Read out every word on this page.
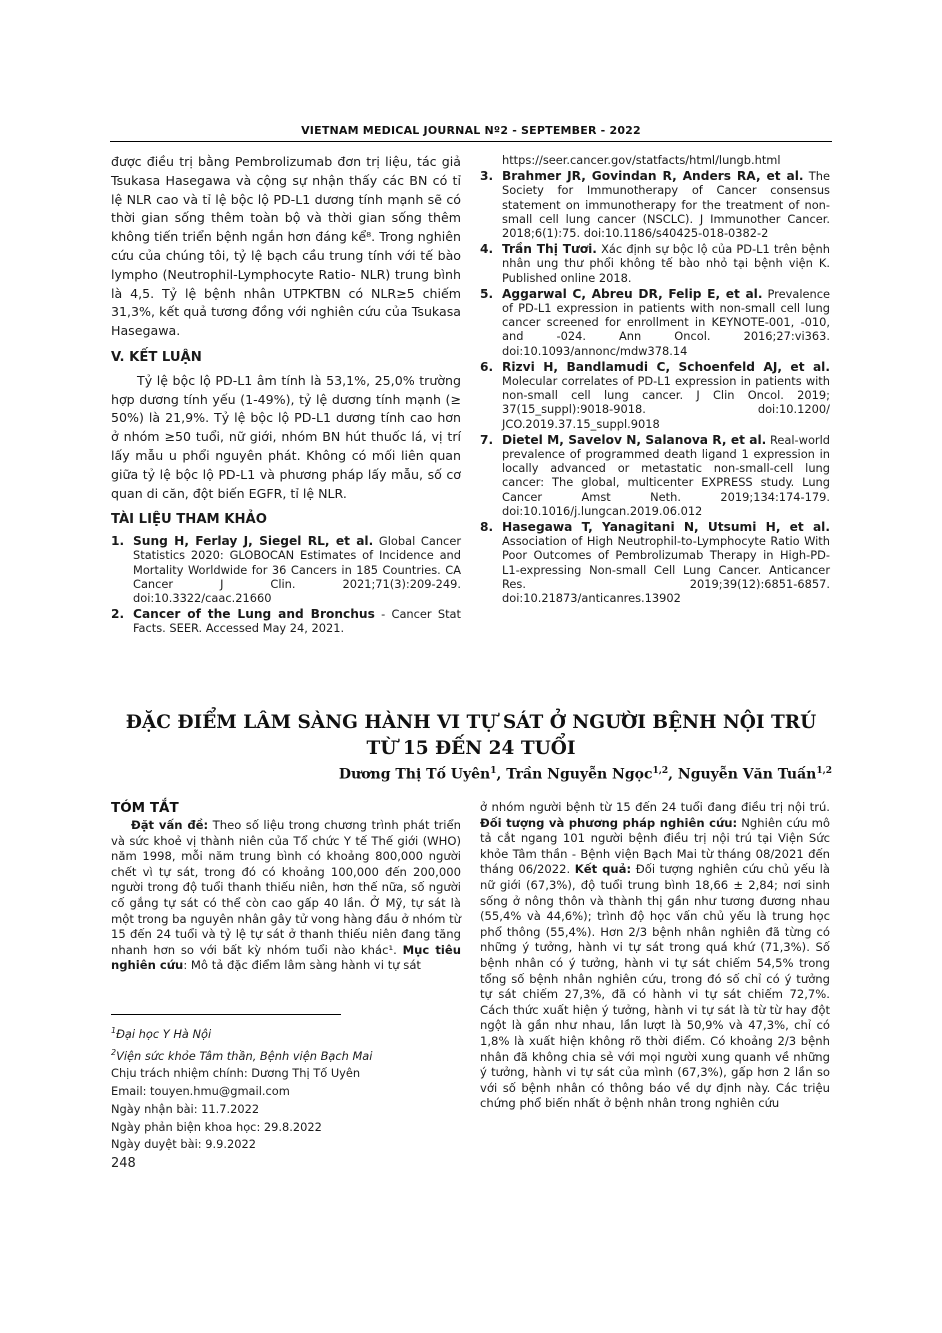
VIETNAM MEDICAL JOURNAL Nº2 - SEPTEMBER - 2022

được điều trị bằng Pembrolizumab đơn trị liệu, tác giả Tsukasa Hasegawa và cộng sự nhận thấy các BN có tỉ lệ NLR cao và tỉ lệ bộc lộ PD-L1 dương tính mạnh sẽ có thời gian sống thêm toàn bộ và thời gian sống thêm không tiến triển bệnh ngắn hơn đáng kể⁸. Trong nghiên cứu của chúng tôi, tỷ lệ bạch cầu trung tính với tế bào lympho (Neutrophil-Lymphocyte Ratio- NLR) trung bình là 4,5. Tỷ lệ bệnh nhân UTPKTBN có NLR≥5 chiếm 31,3%, kết quả tương đồng với nghiên cứu của Tsukasa Hasegawa.

V. KẾT LUẬN

Tỷ lệ bộc lộ PD-L1 âm tính là 53,1%, 25,0% trường hợp dương tính yếu (1-49%), tỷ lệ dương tính mạnh (≥ 50%) là 21,9%. Tỷ lệ bộc lộ PD-L1 dương tính cao hơn ở nhóm ≥50 tuổi, nữ giới, nhóm BN hút thuốc lá, vị trí lấy mẫu u phổi nguyên phát. Không có mối liên quan giữa tỷ lệ bộc lộ PD-L1 và phương pháp lấy mẫu, số cơ quan di căn, đột biến EGFR, tỉ lệ NLR.

TÀI LIỆU THAM KHẢO
1. Sung H, Ferlay J, Siegel RL, et al. Global Cancer Statistics 2020: GLOBOCAN Estimates of Incidence and Mortality Worldwide for 36 Cancers in 185 Countries. CA Cancer J Clin. 2021;71(3):209-249. doi:10.3322/caac.21660
2. Cancer of the Lung and Bronchus - Cancer Stat Facts. SEER. Accessed May 24, 2021.
https://seer.cancer.gov/statfacts/html/lungb.html
3. Brahmer JR, Govindan R, Anders RA, et al. The Society for Immunotherapy of Cancer consensus statement on immunotherapy for the treatment of non-small cell lung cancer (NSCLC). J Immunother Cancer. 2018;6(1):75. doi:10.1186/s40425-018-0382-2
4. Trần Thị Tươi. Xác định sự bộc lộ của PD-L1 trên bệnh nhân ung thư phổi không tế bào nhỏ tại bệnh viện K. Published online 2018.
5. Aggarwal C, Abreu DR, Felip E, et al. Prevalence of PD-L1 expression in patients with non-small cell lung cancer screened for enrollment in KEYNOTE-001, -010, and -024. Ann Oncol. 2016;27:vi363. doi:10.1093/annonc/mdw378.14
6. Rizvi H, Bandlamudi C, Schoenfeld AJ, et al. Molecular correlates of PD-L1 expression in patients with non-small cell lung cancer. J Clin Oncol. 2019; 37(15_suppl):9018-9018. doi:10.1200/ JCO.2019.37.15_suppl.9018
7. Dietel M, Savelov N, Salanova R, et al. Real-world prevalence of programmed death ligand 1 expression in locally advanced or metastatic non-small-cell lung cancer: The global, multicenter EXPRESS study. Lung Cancer Amst Neth. 2019;134:174-179. doi:10.1016/j.lungcan.2019.06.012
8. Hasegawa T, Yanagitani N, Utsumi H, et al. Association of High Neutrophil-to-Lymphocyte Ratio With Poor Outcomes of Pembrolizumab Therapy in High-PD-L1-expressing Non-small Cell Lung Cancer. Anticancer Res. 2019;39(12):6851-6857. doi:10.21873/anticanres.13902
ĐẶC ĐIỂM LÂM SÀNG HÀNH VI TỰ SÁT Ở NGƯỜI BỆNH NỘI TRÚ
TỪ 15 ĐẾN 24 TUỔI
Dương Thị Tố Uyên$^1$, Trần Nguyễn Ngọc$^{1,2}$, Nguyễn Văn Tuấn$^{1,2}$
TÓM TẮT

Đặt vấn đề: Theo số liệu trong chương trình phát triển và sức khoẻ vị thành niên của Tổ chức Y tế Thế giới (WHO) năm 1998, mỗi năm trung bình có khoảng 800,000 người chết vì tự sát, trong đó có khoảng 100,000 đến 200,000 người trong độ tuổi thanh thiếu niên, hơn thế nữa, số người cố gắng tự sát có thể còn cao gấp 40 lần. Ở Mỹ, tự sát là một trong ba nguyên nhân gây tử vong hàng đầu ở nhóm từ 15 đến 24 tuổi và tỷ lệ tự sát ở thanh thiếu niên đang tăng nhanh hơn so với bất kỳ nhóm tuổi nào khác¹. Mục tiêu nghiên cứu: Mô tả đặc điểm lâm sàng hành vi tự sát

ở nhóm người bệnh từ 15 đến 24 tuổi đang điều trị nội trú. Đối tượng và phương pháp nghiên cứu: Nghiên cứu mô tả cắt ngang 101 người bệnh điều trị nội trú tại Viện Sức khỏe Tâm thần - Bệnh viện Bạch Mai từ tháng 08/2021 đến tháng 06/2022. Kết quả: Đối tượng nghiên cứu chủ yếu là nữ giới (67,3%), độ tuổi trung bình 18,66 ± 2,84; nơi sinh sống ở nông thôn và thành thị gần như tương đương nhau (55,4% và 44,6%); trình độ học vấn chủ yếu là trung học phổ thông (55,4%). Hơn 2/3 bệnh nhân nghiên đã từng có những ý tưởng, hành vi tự sát trong quá khứ (71,3%). Số bệnh nhân có ý tưởng, hành vi tự sát chiếm 54,5% trong tổng số bệnh nhân nghiên cứu, trong đó số chỉ có ý tưởng tự sát chiếm 27,3%, đã có hành vi tự sát chiếm 72,7%. Cách thức xuất hiện ý tưởng, hành vi tự sát là từ từ hay đột ngột là gần như nhau, lần lượt là 50,9% và 47,3%, chỉ có 1,8% là xuất hiện không rõ thời điểm. Có khoảng 2/3 bệnh nhân đã không chia sẻ với mọi người xung quanh về những ý tưởng, hành vi tự sát của mình (67,3%), gấp hơn 2 lần so với số bệnh nhân có thông báo về dự định này. Các triệu chứng phổ biến nhất ở bệnh nhân trong nghiên cứu

$^1$Đại học Y Hà Nội
$^2$Viện sức khỏe Tâm thần, Bệnh viện Bạch Mai
Chịu trách nhiệm chính: Dương Thị Tố Uyên
Email: touyen.hmu@gmail.com
Ngày nhận bài: 11.7.2022
Ngày phản biện khoa học: 29.8.2022
Ngày duyệt bài: 9.9.2022
248
